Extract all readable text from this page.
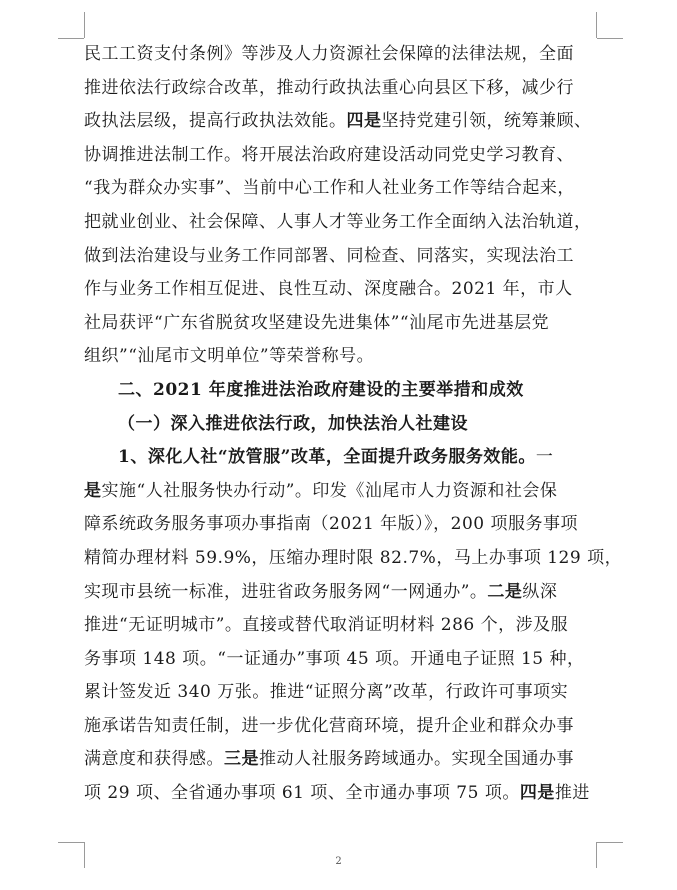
民工工资支付条例》等涉及人力资源社会保障的法律法规，全面
推进依法行政综合改革，推动行政执法重心向县区下移，减少行
政执法层级，提高行政执法效能。四是坚持党建引领，统筹兼顾、
协调推进法制工作。将开展法治政府建设活动同党史学习教育、
“我为群众办实事”、当前中心工作和人社业务工作等结合起来，
把就业创业、社会保障、人事人才等业务工作全面纳入法治轨道，
做到法治建设与业务工作同部署、同检查、同落实，实现法治工
作与业务工作相互促进、良性互动、深度融合。2021 年，市人
社局获评“广东省脱贫攻坚建设先进集体”“汕尾市先进基层党
组织”“汕尾市文明单位”等荣誉称号。
二、2021 年度推进法治政府建设的主要举措和成效
（一）深入推进依法行政，加快法治人社建设
1、深化人社“放管服”改革，全面提升政务服务效能。一
是实施“人社服务快办行动”。印发《汕尾市人力资源和社会保
障系统政务服务事项办事指南（2021 年版）》，200 项服务事项
精简办理材料 59.9%，压缩办理时限 82.7%，马上办事项 129 项，
实现市县统一标准，进驻省政务服务网“一网通办”。二是纵深
推进“无证明城市”。直接或替代取消证明材料 286 个，涉及服
务事项 148 项。“一证通办”事项 45 项。开通电子证照 15 种，
累计签发近 340 万张。推进“证照分离”改革，行政许可事项实
施承诺告知责任制，进一步优化营商环境，提升企业和群众办事
满意度和获得感。三是推动人社服务跨域通办。实现全国通办事
项 29 项、全省通办事项 61 项、全市通办事项 75 项。四是推进
2
